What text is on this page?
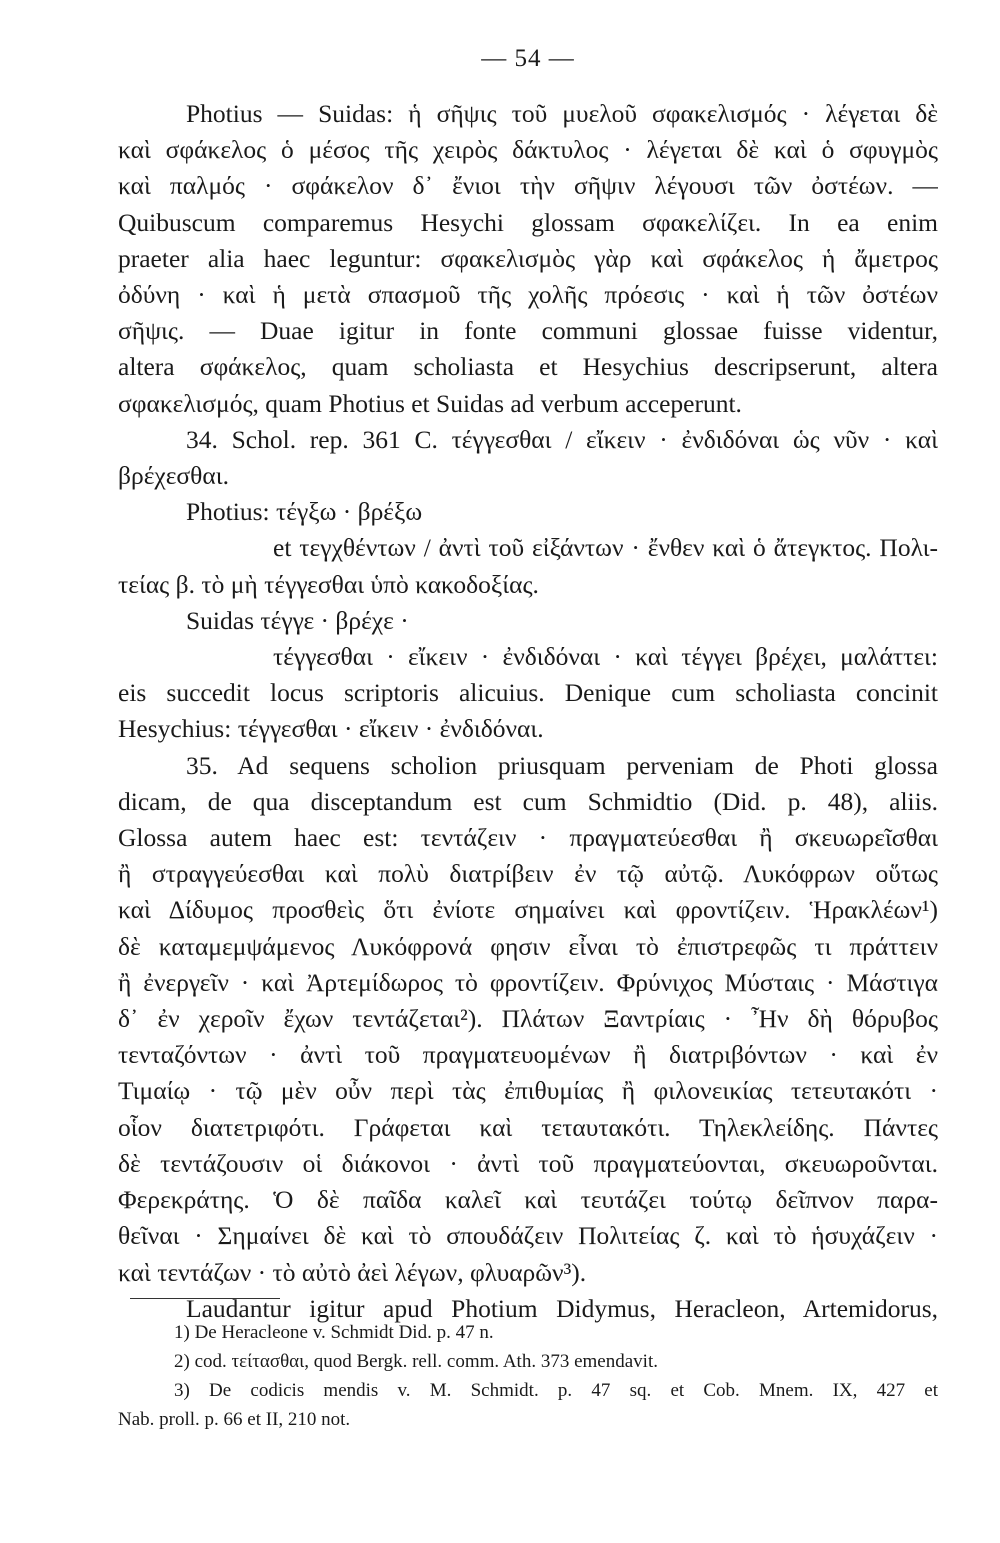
— 54 —
Photius — Suidas: ἡ σῆψις τοῦ μυελοῦ σφακελισμός · λέγεται δὲ
καὶ σφάκελος ὁ μέσος τῆς χειρὸς δάκτυλος · λέγεται δὲ καὶ ὁ σφυγμὸς
καὶ παλμός · σφάκελον δ᾽ ἔνιοι τὴν σῆψιν λέγουσι τῶν ὀστέων. —
Quibuscum comparemus Hesychi glossam σφακελίζει. In ea enim
praeter alia haec leguntur: σφακελισμὸς γὰρ καὶ σφάκελος ἡ ἄμετρος
ὀδύνη · καὶ ἡ μετὰ σπασμοῦ τῆς χολῆς πρόεσις · καὶ ἡ τῶν ὀστέων
σῆψις. — Duae igitur in fonte communi glossae fuisse videntur,
altera σφάκελος, quam scholiasta et Hesychius descripserunt, altera
σφακελισμός, quam Photius et Suidas ad verbum acceperunt.
34. Schol. rep. 361 C. τέγγεσθαι / εἴκειν · ἐνδιδόναι ὡς νῦν · καὶ
βρέχεσθαι.
Photius: τέγξω · βρέξω
et τεγχθέντων / ἀντὶ τοῦ εἰξάντων · ἔνθεν καὶ ὁ ἄτεγκτος. Πολι-
τείας β. τὸ μὴ τέγγεσθαι ὑπὸ κακοδοξίας.
Suidas τέγγε · βρέχε ·
τέγγεσθαι · εἴκειν · ἐνδιδόναι · καὶ τέγγει βρέχει, μαλάττει:
eis succedit locus scriptoris alicuius. Denique cum scholiasta concinit
Hesychius: τέγγεσθαι · εἴκειν · ἐνδιδόναι.
35. Ad sequens scholion priusquam perveniam de Photi glossa
dicam, de qua disceptandum est cum Schmidtio (Did. p. 48), aliis.
Glossa autem haec est: τεντάζειν · πραγματεύεσθαι ἢ σκευωρεῖσθαι
ἢ στραγγεύεσθαι καὶ πολὺ διατρίβειν ἐν τῷ αὐτῷ. Λυκόφρων οὕτως
καὶ Δίδυμος προσθεὶς ὅτι ἐνίοτε σημαίνει καὶ φροντίζειν. Ἡρακλέων¹)
δὲ καταμεμψάμενος Λυκόφρονά φησιν εἶναι τὸ ἐπιστρεφῶς τι πράττειν
ἢ ἐνεργεῖν · καὶ Ἀρτεμίδωρος τὸ φροντίζειν. Φρύνιχος Μύσταις · Μάστιγα
δ᾽ ἐν χεροῖν ἔχων τεντάζεται²). Πλάτων Ξαντρίαις · Ἦν δὴ θόρυβος
τενταζόντων · ἀντὶ τοῦ πραγματευομένων ἢ διατριβόντων · καὶ ἐν
Τιμαίῳ · τῷ μὲν οὖν περὶ τὰς ἐπιθυμίας ἢ φιλονεικίας τετευτακότι ·
οἷον διατετριφότι. Γράφεται καὶ τεταυτακότι. Τηλεκλείδης. Πάντες
δὲ τεντάζουσιν οἱ διάκονοι · ἀντὶ τοῦ πραγματεύονται, σκευωροῦνται.
Φερεκράτης. Ὁ δὲ παῖδα καλεῖ καὶ τευτάζει τούτῳ δεῖπνον παρα-
θεῖναι · Σημαίνει δὲ καὶ τὸ σπουδάζειν Πολιτείας ζ. καὶ τὸ ἡσυχάζειν ·
καὶ τεντάζων · τὸ αὐτὸ ἀεὶ λέγων, φλυαρῶν³).
Laudantur igitur apud Photium Didymus, Heracleon, Artemidorus,
1) De Heracleone v. Schmidt Did. p. 47 n.
2) cod. τείτασθαι, quod Bergk. rell. comm. Ath. 373 emendavit.
3) De codicis mendis v. M. Schmidt. p. 47 sq. et Cob. Mnem. IX, 427 et
Nab. proll. p. 66 et II, 210 not.
